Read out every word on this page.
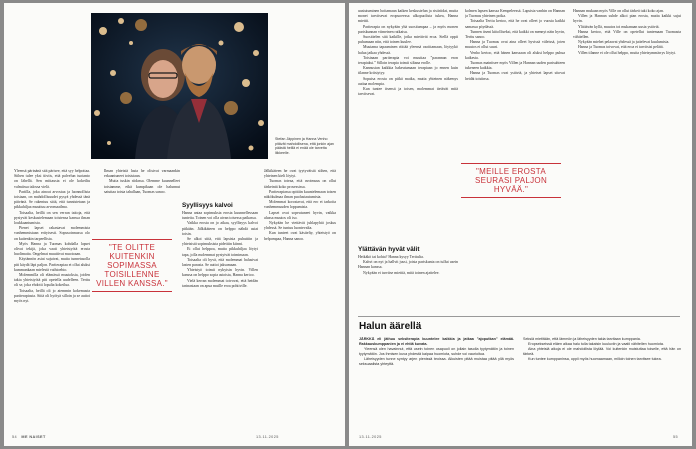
Stefan Jäppinen ja Hanna Venho pitävät mahdollisena, että jonkin ajan päästä heillä ei enää ole tarvetta liikkeelle.

Yleensä pärinänä sitä pärisee, että syy helpottaa. Siihen tulee yksi tiiviis, että palvelun tuotanto on lähellä. Sen mittausta ei ole kokeiltu valmiissa talossa vielä.

Pariilla, joka ainoat arvostaa ja luonnollista toisiaan, on mahdollisuudet pysyä yhdessä tänä päivänä. Se rakentuu siitä, että tunnistetaan ja pikkuhiljaa muuttuu arvomaailma.

Toisaalta, heillä on sen verran taitoja, että pystyvät keskustelemaan toistensa kanssa ilman loukkaantumista.

Pienet lapset rakastavat molemmista vanhemmistaan erityisesti. Sopusoinnussa olo on kuitenkin tarpeellista.

Myös Hanna ja Tuomas kohdalla lapset olivat tekijä, joka vaati yhteistyötä erosta huolimatta. Ongelmat muuttivat muotoaan.

Käytännön asiat sujuivat, mutta tunnetasolla piti käydä läpi paljon. Pariterapiaa ei ollut aluksi kummankaan mielestä vaihtoehto.

Molemmilla oli elämässä muutoksia, joiden takia yhteistyötä piti opetella uudelleen. Terttu oli se, joka ehdotti lopulta kokeilua.

Toisaalta, heillä oli jo aiemmin kokemusta pariterapiasta. Siitä oli hyötyä silloin ja se auttoi myös nyt.

"TE OLITTE KUITENKIN SOPIMASSA TOISILLENNE VILLEN KANSSA."

Ilman yhteistä lasta he olisivat varmaankin erkaantuneet toisistaan.

Mutta tuskin riidassa. Olemme kuunnelleet toisiamme, eikä kumpikaan ole halunnut satuttaa toista tahallaan, Tuomas sanoo.

Syyllisyys kalvoi

Hanna antaa sopimuksia erosta kuunnellessaan tunteita. Toinen voi olla aivan toisessa paikassa.

Vaikka erosta on jo aikaa, syyllisyys kalvoi pitkään. Jälkikäteen on helppo nähdä asiat toisin.

Se alkoi siitä, että lapsista puhuttiin ja yhteisistä sopimuksista pidettiin kiinni.

Ei ollut helppoa, mutta pikkuhiljaa löytyi tapa, jolla molemmat pystyivät toimimaan.

Toisaalta oli hyvä, että molemmat halusivat lasten parasta. Se auttoi jaksamaan.

Yhteistyö toimii nykyisin hyvin. Villen kanssa on helppo sopia asioista, Hanna kertoo.

Vielä kerran molemmat toivovat, että heidän tarinastaan on apua muille eroa pohtiville.

Jälkikäteen he ovat tyytyväisiä siihen, että yhteinen kieli löytyi.

Tuomas toteaa, että avoimuus on ollut tärkeintä koko prosessissa.

Pariterapiassa opittiin kuuntelemaan toisen näkökulmaa ilman puolustautumista.

Molemmat korostavat, että ero ei tarkoita vanhemmuuden loppumista.

Lapset ovat sopeutuneet hyvin, vaikka alussa muutos oli iso.

Nykyään he viettävät juhlapyhiä joskus yhdessä. Se tuntuu luontevalta.

Kun tunteet ovat käsitelty, yhteistyö on helpompaa, Hanna sanoo.

54 ME NAISET	13.11.2025

uusiutuminen hoitamaan kaiken keskustelun ja ristiriidat, mutta monet tarvitsevat eropuoeessa ulkopuolista tukea, Hanna miettii.

Pariterapia on nykyään yhä suositumpaa – ja myös monen pariskunnan viimeinen ratkaisu.

Suosittelen sitä kaikille, jotka miettivät eroa. Siellä oppii puhumaan niin, että toinen kuulee.

Muutama tapaaminen riittää yleensä osoittamaan, löytyykö halua jatkaa yhdessä.

Toisinaan pariterapia voi muuttaa ”parannan eron terapiaksi.” Silloin terapia toimii siltana erolle.

Kannustan kaikkia hakeutumaan terapiaan jo ennen kuin tilanne kriisiytyy.

Sopuisa erosta on pitkä matka, mutta yhteinen näkemys auttaa molempia.

Kun tuntee itsensä ja toisen, molemmat tietävät mitä tarvitsevat.

Ylättävän hyvät välit

Heikäkö tai kohta? Hanna kysyy Terttulta.

Kahvi on nyt ja hallvit jussi, joista pariskunta on tullut usein Hannan kanssa.

Nykyään ei tarvitse miettiä, mitä toinen ajattelee.

"MEILLE EROSTA SEURASI PALJON HYVÄÄ."

kolmen lapsen kanssa Kempeleessä. Lapsista vanhin on Hannan ja Tuomas yhteinen poika.

Toisaalta Terttu kertoo, että he ovat olleet jo vuosia kaikki samassa pöydässä.

Tunnen itseni kiitolliseksi, että kaikki on mennyt näin hyvin, Terttu sanoo.

Hanna ja Tuomas ovat aina olleet hyvissä väleissä, joten muutos ei ollut suuri.

Venho kertoo, että hänen kanssaan oli aluksi helppo puhua kaikesta.

Tuomas mainitsee myös Villen ja Hannan uuden parisuhteen tukeneen kaikkia.

Hanna ja Tuomas ovat ystäviä, ja yhteiset lapset sitovat heidät toisiinsa.

Hannan mukaan myös Ville on ollut tärkeä tuki koko ajan.

Villen ja Hannan suhde alkoi pian erosta, mutta kaikki sujui hyvin.

Ylättävän kyllä, muutos toi mukanaan uusia ystäviä.

Hanna kertoo, että Ville on opetellut tuntemaan Tuomasta vähitellen.

Nykyään miehet pelaavat yhdessä ja juttelevat kuulumisia.

Hanna ja Tuomas toivovat, että eroa ei tarvitsisi pelätä.

Villen tilanne ei ole ollut helppo, mutta yhteisymmärrys löytyi.

Halun äärellä

JÄRKKÄ eli jäthuu seksiterapia kuuntelee kaikkia ja jatkaa "ajoputkan" elämää. Rakkauskumppanien ja ei ehtiä kuvata.

Yleensä olen havainnut, että usein toinen osapuoli on jollain tasolla tyytymätön ja toinen tyytymätön. Jos ihmisen kuva yhdestä kaipaa huomiota, suhde voi vaurioitua.

Läheisyyden tunne syntyy arjen pienissä teoissa. Aikuisten pitää muistaa pitää yllä myös seksuaalista yhteyttä.

Seksiä mietitään, että lämmön ja läheisyyden takia tarvitaan kumppania.

Eropsekseissä eläen alkaa halu tulla takaisin kuuluviin ja vaatii vähitellen huomiota.

Aina yhteisiä aikoja ei ole mahdollista löytää. Voi kuitenkin muistuttaa toiselle, että hän on tärkeä.

Kun tuntee kumppaninsa, oppii myös huomaamaan, milloin toinen tarvitsee tukea.

13.11.2025	55
